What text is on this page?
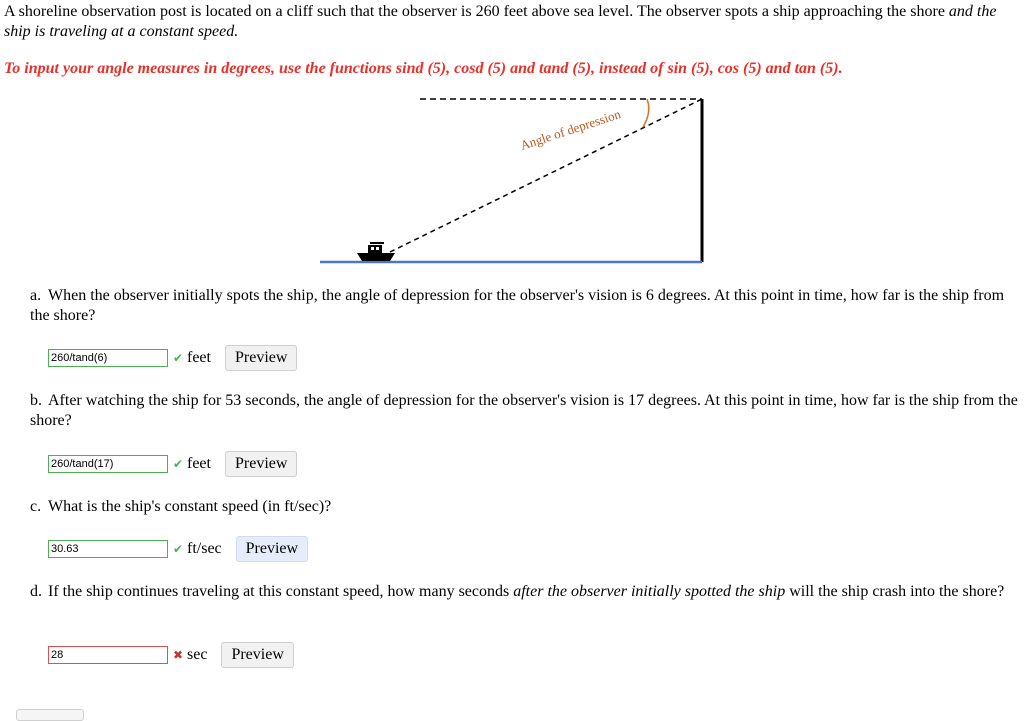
A shoreline observation post is located on a cliff such that the observer is 260 feet above sea level. The observer spots a ship approaching the shore and the ship is traveling at a constant speed.
To input your angle measures in degrees, use the functions sind (5), cosd (5) and tand (5), instead of sin (5), cos (5) and tan (5).
Angle of depression
a. When the observer initially spots the ship, the angle of depression for the observer's vision is 6 degrees. At this point in time, how far is the ship from the shore?
260/tand(6)
✔ feet	Preview
b. After watching the ship for 53 seconds, the angle of depression for the observer's vision is 17 degrees. At this point in time, how far is the ship from the shore?
260/tand(17)
✔ feet	Preview
c. What is the ship's constant speed (in ft/sec)?
30.63
✔ ft/sec	Preview
d. If the ship continues traveling at this constant speed, how many seconds after the observer initially spotted the ship will the ship crash into the shore?
28
✖ sec	Preview
